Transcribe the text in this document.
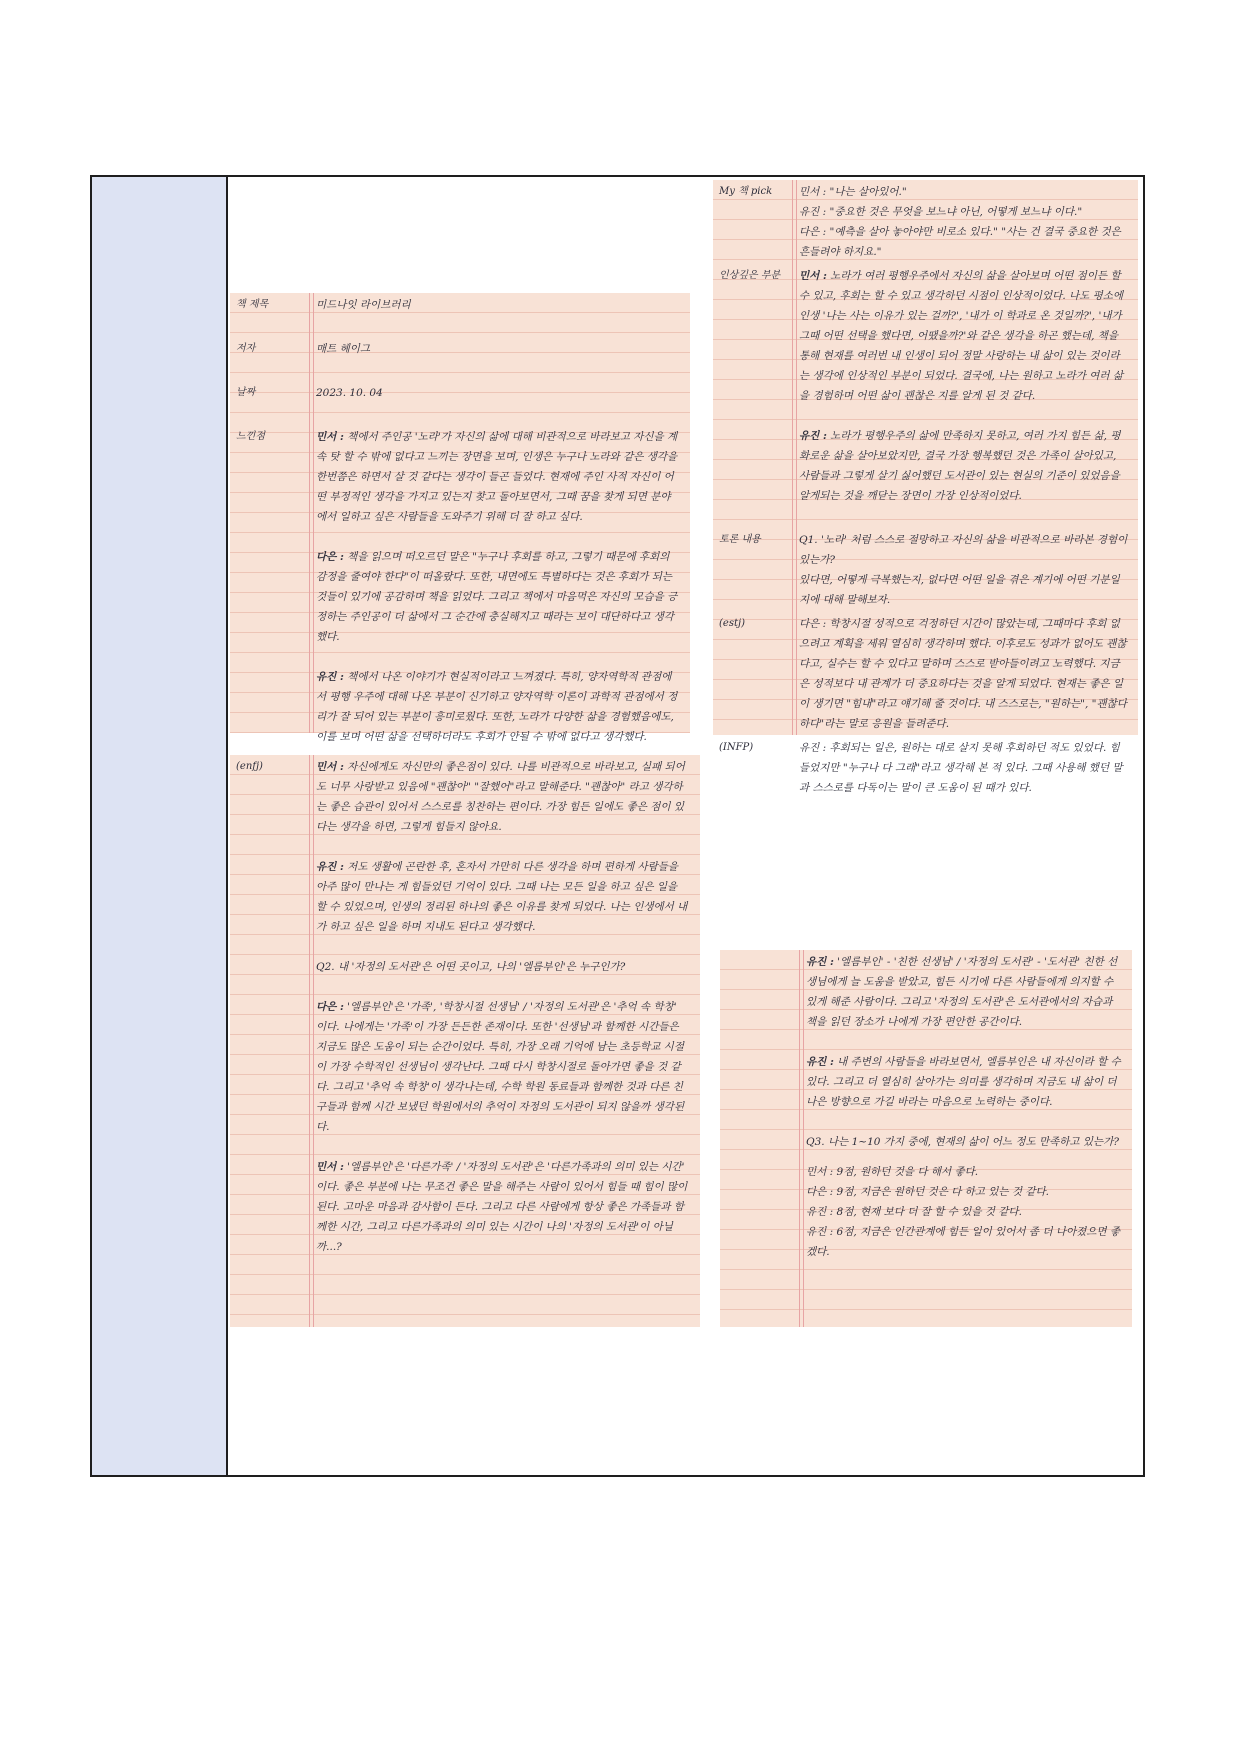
책 제목	미드나잇 라이브러리
저자	매트 헤이그
날짜	2023. 10. 04
느낀점	민서 : 책에서 주인공 '노라'가 자신의 삶에 대해 비관적으로 바라보고 자신을 계속 탓 할 수 밖에 없다고 느끼는 장면을 보며, 인생은 누구나 노라와 같은 생각을 한번쯤은 하면서 살 것 같다는 생각이 들곤 들었다. 현재에 주인 사적 자신이 어떤 부정적인 생각을 가지고 있는지 찾고 돌아보면서, 그때 꿈을 찾게 되면 분야에서 일하고 싶은 사람들을 도와주기 위해 더 잘 하고 싶다.
다은 : 책을 읽으며 떠오르던 말은 "누구나 후회를 하고, 그렇기 때문에 후회의 감정을 줄여야 한다"이 떠올랐다. 또한, 내면에도 특별하다는 것은 후회가 되는 것들이 있기에 공감하며 책을 읽었다. 그리고 책에서 마음먹은 자신의 모습을 긍정하는 주인공이 더 삶에서 그 순간에 충실해지고 때라는 보이 대단하다고 생각했다.
유진 : 책에서 나온 이야기가 현실적이라고 느껴졌다. 특히, 양자역학적 관점에서 평행 우주에 대해 나온 부분이 신기하고 양자역학 이론이 과학적 관점에서 정리가 잘 되어 있는 부분이 흥미로웠다. 또한, 노라가 다양한 삶을 경험했음에도, 이를 보며 어떤 삶을 선택하더라도 후회가 안될 수 밖에 없다고 생각했다.
My 책 pick	민서 : "나는 살아있어."
유진 : "중요한 것은 무엇을 보느냐 아닌, 어떻게 보느냐 이다."
다은 : "예측을 살아 놓아야만 비로소 있다." "사는 건 결국 중요한 것은 흔들려야 하지요."
인상깊은 부분	민서 : 노라가 여러 평행우주에서 자신의 삶을 살아보며 어떤 점이든 할 수 있고, 후회는 할 수 있고 생각하던 시점이 인상적이었다. 나도 평소에 인생 '나는 사는 이유가 있는 걸까?', '내가 이 학과로 온 것일까?', '내가 그때 어떤 선택을 했다면, 어땠을까?'와 같은 생각을 하곤 했는데, 책을 통해 현재를 여러번 내 인생이 되어 정말 사랑하는 내 삶이 있는 것이라는 생각에 인상적인 부분이 되었다. 결국에, 나는 원하고 노라가 여러 삶을 경험하며 어떤 삶이 괜찮은 지를 알게 된 것 같다.
유진 : 노라가 평행우주의 삶에 만족하지 못하고, 여러 가지 힘든 삶, 평화로운 삶을 살아보았지만, 결국 가장 행복했던 것은 가족이 살아있고, 사람들과 그렇게 살기 싫어했던 도서관이 있는 현실의 기준이 있었음을 알게되는 것을 깨닫는 장면이 가장 인상적이었다.
토론 내용	Q1. '노라' 처럼 스스로 절망하고 자신의 삶을 비관적으로 바라본 경험이 있는가?
있다면, 어떻게 극복했는지, 없다면 어떤 일을 겪은 계기에 어떤 기분일지에 대해 말해보자.
(estj)	다은 : 학창시절 성적으로 걱정하던 시간이 많았는데, 그때마다 후회 없으려고 계획을 세워 열심히 생각하며 했다. 이후로도 성과가 없어도 괜찮다고, 실수는 할 수 있다고 말하며 스스로 받아들이려고 노력했다. 지금은 성적보다 내 관계가 더 중요하다는 것을 알게 되었다. 현재는 좋은 일이 생기면 "힘내"라고 얘기해 줄 것이다. 내 스스로는, "원하는", "괜찮다 하다"라는 말로 응원을 들려준다.
(INFP)	유진 : 후회되는 일은, 원하는 대로 살지 못해 후회하던 적도 있었다. 힘들었지만 "누구나 다 그래"라고 생각해 본 적 있다. 그때 사용해 했던 말과 스스로를 다독이는 말이 큰 도움이 된 때가 있다.
(enfj)	민서 : 자신에게도 자신만의 좋은점이 있다. 나를 비관적으로 바라보고, 실패 되어도 너무 사랑받고 있음에 "괜찮아" "잘했어"라고 말해준다. "괜찮아" 라고 생각하는 좋은 습관이 있어서 스스로를 칭찬하는 편이다. 가장 힘든 일에도 좋은 점이 있다는 생각을 하면, 그렇게 힘들지 않아요.
유진 : 저도 생활에 곤란한 후, 혼자서 가만히 다른 생각을 하며 편하게 사람들을 아주 많이 만나는 게 힘들었던 기억이 있다. 그때 나는 모든 일을 하고 싶은 일을 할 수 있었으며, 인생의 정리된 하나의 좋은 이유를 찾게 되었다. 나는 인생에서 내가 하고 싶은 일을 하며 지내도 된다고 생각했다.
Q2. 내 '자정의 도서관'은 어떤 곳이고, 나의 '엘름부인'은 누구인가?
다은 : '엘름부인'은 '가족', '학창시절 선생님' / '자정의 도서관'은 '추억 속 학창' 이다. 나에게는 '가족'이 가장 든든한 존재이다. 또한 '선생님'과 함께한 시간들은 지금도 많은 도움이 되는 순간이었다. 특히, 가장 오래 기억에 남는 초등학교 시절이 가장 수학적인 선생님이 생각난다. 그때 다시 학창시절로 돌아가면 좋을 것 같다. 그리고 '추억 속 학창'이 생각나는데, 수학 학원 동료들과 함께한 것과 다른 친구들과 함께 시간 보냈던 학원에서의 추억이 자정의 도서관이 되지 않을까 생각된다.
민서 : '엘름부인'은 '다른가족' / '자정의 도서관'은 '다른가족과의 의미 있는 시간' 이다. 좋은 부분에 나는 무조건 좋은 말을 해주는 사람이 있어서 힘들 때 힘이 많이 된다. 고마운 마음과 감사함이 든다. 그리고 다른 사람에게 항상 좋은 가족들과 함께한 시간, 그리고 다른가족과의 의미 있는 시간이 나의 '자정의 도서관'이 아닐까...?
유진 : '엘름부인' - '친한 선생님' / '자정의 도서관' - '도서관' 친한 선생님에게 늘 도움을 받았고, 힘든 시기에 다른 사람들에게 의지할 수 있게 해준 사람이다. 그리고 '자정의 도서관'은 도서관에서의 자습과 책을 읽던 장소가 나에게 가장 편안한 공간이다.
유진 : 내 주변의 사람들을 바라보면서, 엘름부인은 내 자신이라 할 수 있다. 그리고 더 열심히 살아가는 의미를 생각하며 지금도 내 삶이 더 나은 방향으로 가길 바라는 마음으로 노력하는 중이다.
Q3. 나는 1~10 가지 중에, 현재의 삶이 어느 정도 만족하고 있는가?
민서 : 9점, 원하던 것을 다 해서 좋다.
다은 : 9점, 지금은 원하던 것은 다 하고 있는 것 같다.
유진 : 8점, 현재 보다 더 잘 할 수 있을 것 같다.
유진 : 6점, 지금은 인간관계에 힘든 일이 있어서 좀 더 나아졌으면 좋겠다.
